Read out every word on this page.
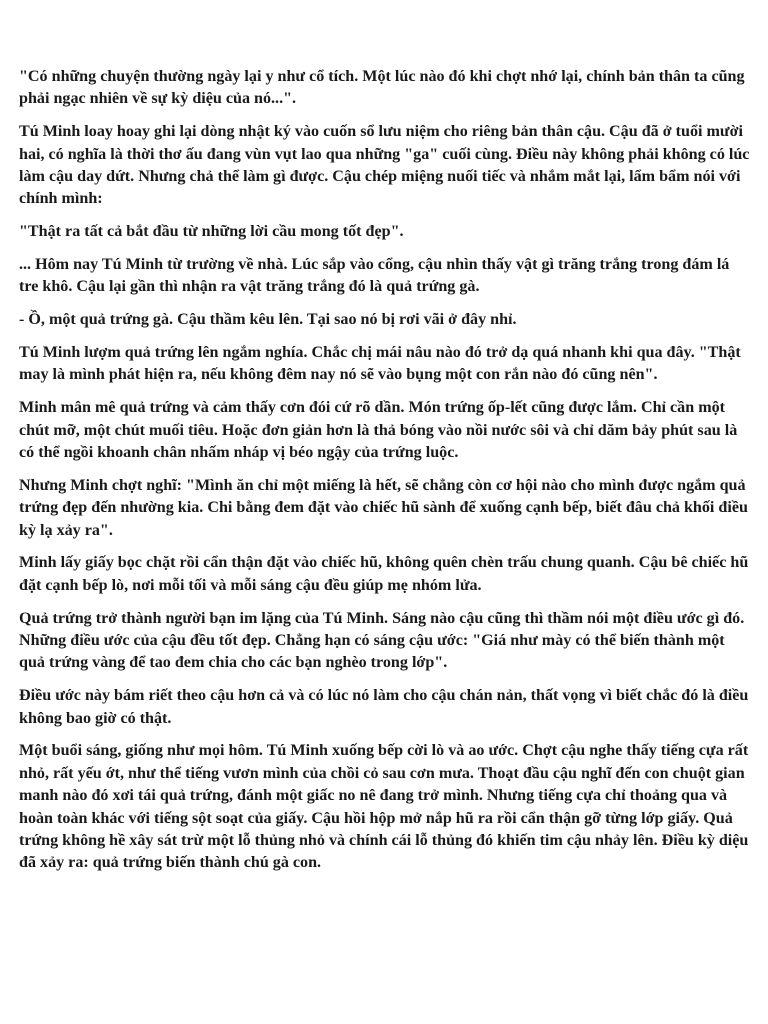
"Có những chuyện thường ngày lại y như cổ tích. Một lúc nào đó khi chợt nhớ lại, chính bản thân ta cũng phải ngạc nhiên về sự kỳ diệu của nó...".

Tú Minh loay hoay ghi lại dòng nhật ký vào cuốn sổ lưu niệm cho riêng bản thân cậu. Cậu đã ở tuổi mười hai, có nghĩa là thời thơ ấu đang vùn vụt lao qua những "ga" cuối cùng. Điều này không phải không có lúc làm cậu day dứt. Nhưng chả thể làm gì được. Cậu chép miệng nuối tiếc và nhắm mắt lại, lẩm bẩm nói với chính mình:

"Thật ra tất cả bắt đầu từ những lời cầu mong tốt đẹp".

... Hôm nay Tú Minh từ trường về nhà. Lúc sắp vào cổng, cậu nhìn thấy vật gì trăng trắng trong đám lá tre khô. Cậu lại gần thì nhận ra vật trăng trắng đó là quả trứng gà.

- Ồ, một quả trứng gà. Cậu thầm kêu lên. Tại sao nó bị rơi vãi ở đây nhỉ.

Tú Minh lượm quả trứng lên ngắm nghía. Chắc chị mái nâu nào đó trở dạ quá nhanh khi qua đây. "Thật may là mình phát hiện ra, nếu không đêm nay nó sẽ vào bụng một con rắn nào đó cũng nên".

Minh mân mê quả trứng và cảm thấy cơn đói cứ rõ dần. Món trứng ốp-lết cũng được lắm. Chỉ cần một chút mỡ, một chút muối tiêu. Hoặc đơn giản hơn là thả bóng vào nồi nước sôi và chỉ dăm bảy phút sau là có thể ngồi khoanh chân nhấm nháp vị béo ngậy của trứng luộc.

Nhưng Minh chợt nghĩ: "Mình ăn chỉ một miếng là hết, sẽ chẳng còn cơ hội nào cho mình được ngắm quả trứng đẹp đến nhường kia. Chi bằng đem đặt vào chiếc hũ sành để xuống cạnh bếp, biết đâu chả khối điều kỳ lạ xảy ra".

Minh lấy giấy bọc chặt rồi cẩn thận đặt vào chiếc hũ, không quên chèn trấu chung quanh. Cậu bê chiếc hũ đặt cạnh bếp lò, nơi mỗi tối và mỗi sáng cậu đều giúp mẹ nhóm lửa.

Quả trứng trở thành người bạn im lặng của Tú Minh. Sáng nào cậu cũng thì thầm nói một điều ước gì đó. Những điều ước của cậu đều tốt đẹp. Chẳng hạn có sáng cậu ước: "Giá như mày có thể biến thành một quả trứng vàng để tao đem chia cho các bạn nghèo trong lớp".

Điều ước này bám riết theo cậu hơn cả và có lúc nó làm cho cậu chán nản, thất vọng vì biết chắc đó là điều không bao giờ có thật.

Một buổi sáng, giống như mọi hôm. Tú Minh xuống bếp cời lò và ao ước. Chợt cậu nghe thấy tiếng cựa rất nhỏ, rất yếu ớt, như thể tiếng vươn mình của chồi cỏ sau cơn mưa. Thoạt đầu cậu nghĩ đến con chuột gian manh nào đó xơi tái quả trứng, đánh một giấc no nê đang trở mình. Nhưng tiếng cựa chỉ thoảng qua và hoàn toàn khác với tiếng sột soạt của giấy. Cậu hồi hộp mở nắp hũ ra rồi cẩn thận gỡ từng lớp giấy. Quả trứng không hề xây sát trừ một lỗ thủng nhỏ và chính cái lỗ thủng đó khiến tim cậu nhảy lên. Điều kỳ diệu đã xảy ra: quả trứng biến thành chú gà con.
